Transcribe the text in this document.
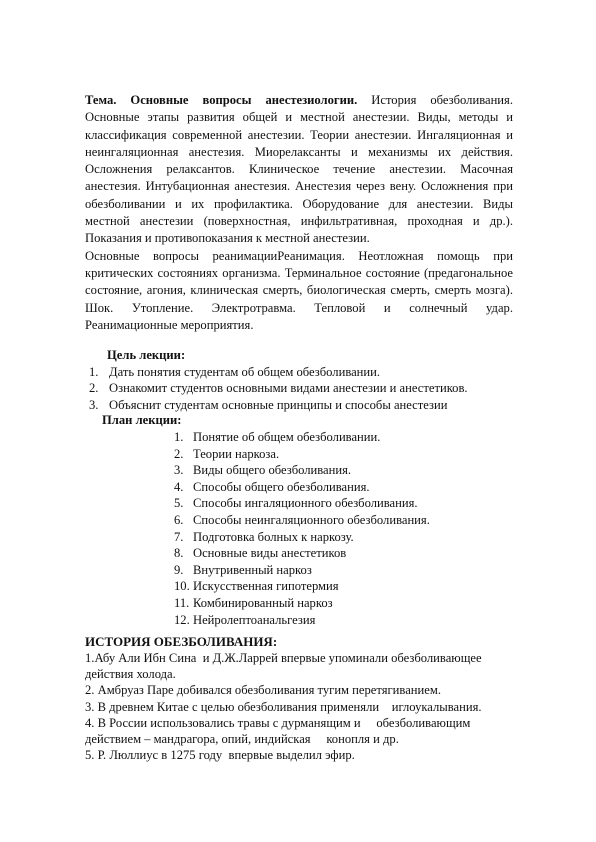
Тема. Основные вопросы анестезиологии. История обезболивания. Основные этапы развития общей и местной анестезии. Виды, методы и классификация современной анестезии. Теории анестезии. Ингаляционная и неингаляционная анестезия. Миорелаксанты и механизмы их действия. Осложнения релаксантов. Клиническое течение анестезии. Масочная анестезия. Интубационная анестезия. Анестезия через вену. Осложнения при обезболивании и их профилактика. Оборудование для анестезии. Виды местной анестезии (поверхностная, инфильтративная, проходная и др.). Показания и противопоказания к местной анестезии.

Основные вопросы реанимацииРеанимация. Неотложная помощь при критических состояниях организма. Терминальное состояние (предагональное состояние, агония, клиническая смерть, биологическая смерть, смерть мозга). Шок. Утопление. Электротравма. Тепловой и солнечный удар. Реанимационные мероприятия.

Цель лекции:

1. Дать понятия студентам об общем обезболивании.
2. Ознакомит студентов основными видами анестезии и анестетиков.
3. Объяснит студентам основные принципы и способы анестезии

План лекции:

1. Понятие об общем обезболивании.
2. Теории наркоза.
3. Виды общего обезболивания.
4. Способы общего обезболивания.
5. Способы ингаляционного обезболивания.
6. Способы неингаляционного обезболивания.
7. Подготовка болных к наркозу.
8. Основные виды анестетиков
9. Внутривенный наркоз
10. Искусственная гипотермия
11. Комбинированный наркоз
12. Нейролептоанальгезия

ИСТОРИЯ ОБЕЗБОЛИВАНИЯ:

1.Абу Али Ибн Сина  и Д.Ж.Ларрей впервые упоминали обезболивающее действия холода.

2. Амбруаз Паре добивался обезболивания тугим перетягиванием.

3. В древнем Китае с целью обезболивания применяли    иглоукалывания.

4. В России использовались травы с дурманящим и     обезболивающим действием – мандрагора, опий, индийская     конопля и др.

5. Р. Люллиус в 1275 году  впервые выделил эфир.
